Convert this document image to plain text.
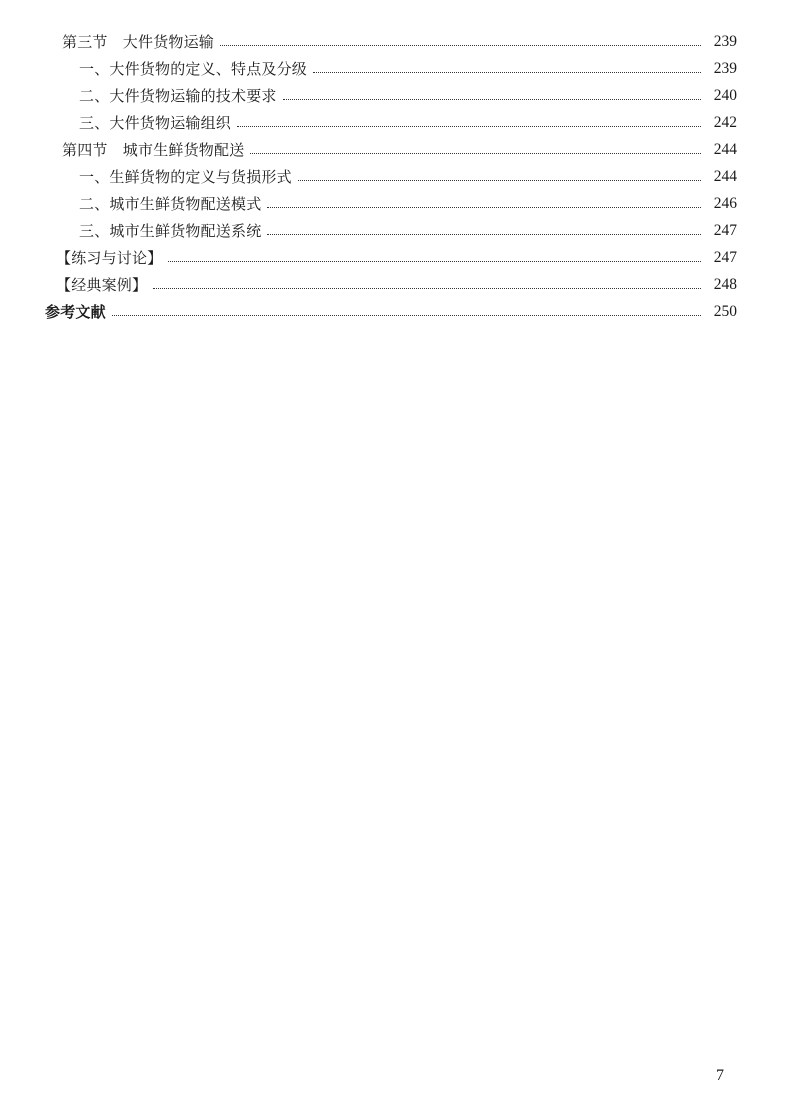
第三节　大件货物运输	239
一、大件货物的定义、特点及分级	239
二、大件货物运输的技术要求	240
三、大件货物运输组织	242
第四节　城市生鲜货物配送	244
一、生鲜货物的定义与货损形式	244
二、城市生鲜货物配送模式	246
三、城市生鲜货物配送系统	247
【练习与讨论】	247
【经典案例】	248
参考文献	250
7
